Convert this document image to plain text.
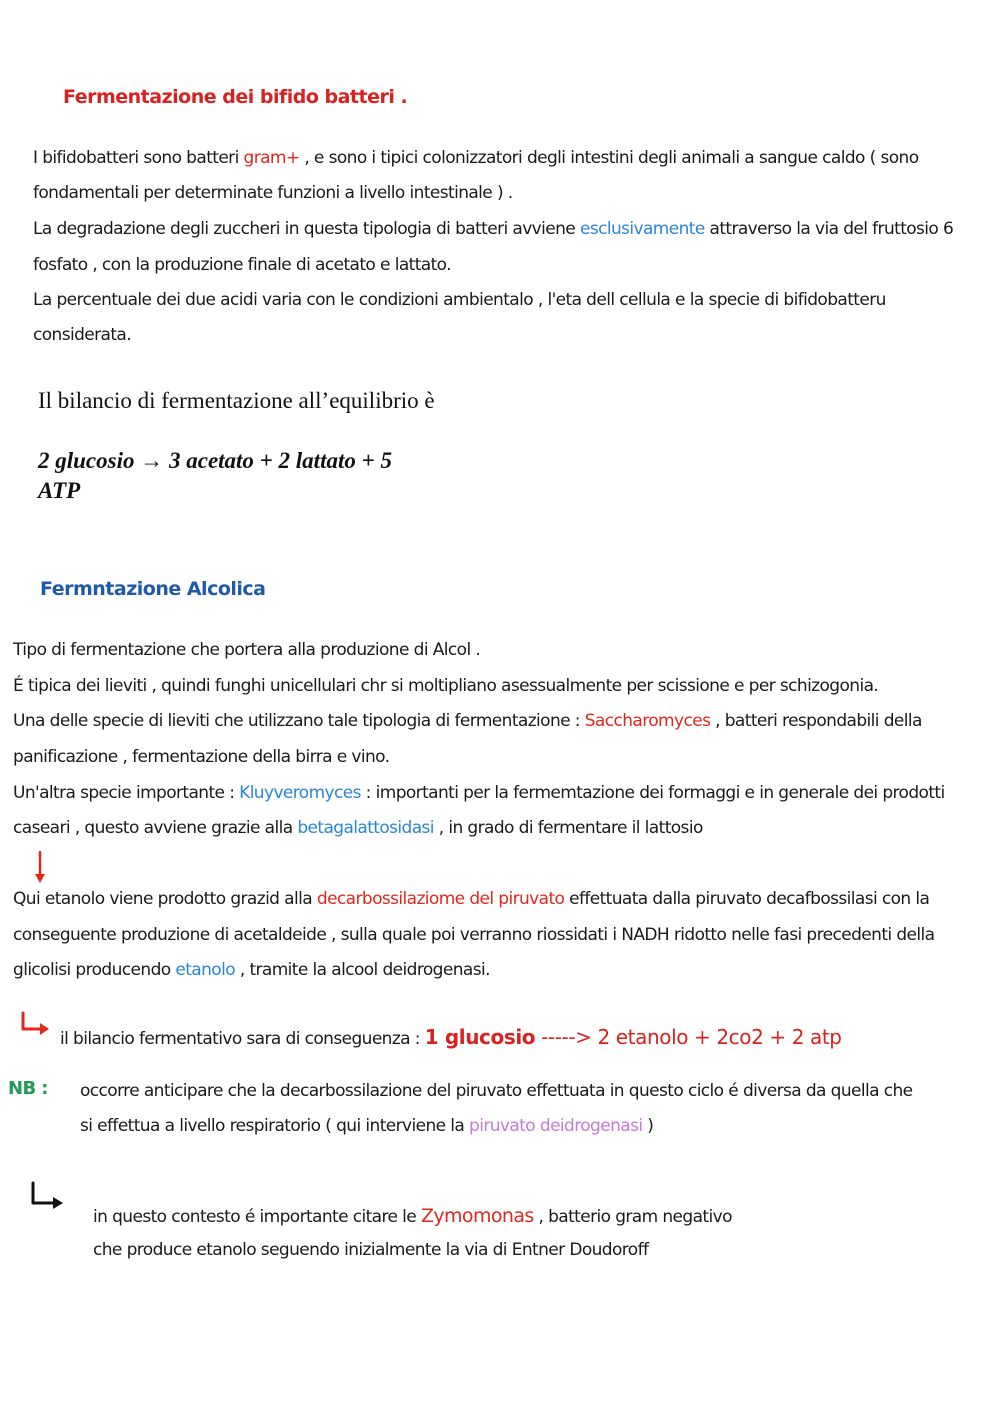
Fermentazione dei bifido batteri .
I bifidobatteri sono batteri gram+ , e sono i tipici colonizzatori degli intestini degli animali a sangue caldo ( sono
fondamentali per determinate funzioni a livello intestinale ) .
La degradazione degli zuccheri in questa tipologia di batteri avviene esclusivamente attraverso la via del fruttosio 6
fosfato , con la produzione finale di acetato e lattato.
La percentuale dei due acidi varia con le condizioni ambientalo , l'eta dell cellula e la specie di bifidobatteru
considerata.
Il bilancio di fermentazione all’equilibrio è
2 glucosio → 3 acetato + 2 lattato + 5
ATP
Fermntazione Alcolica
Tipo di fermentazione che portera alla produzione di Alcol .
É tipica dei lieviti , quindi funghi unicellulari chr si moltipliano asessualmente per scissione e per schizogonia.
Una delle specie di lieviti che utilizzano tale tipologia di fermentazione : Saccharomyces , batteri respondabili della
panificazione , fermentazione della birra e vino.
Un'altra specie importante : Kluyveromyces : importanti per la fermemtazione dei formaggi e in generale dei prodotti
caseari , questo avviene grazie alla betagalattosidasi , in grado di fermentare il lattosio
Qui etanolo viene prodotto grazid alla decarbossilaziome del piruvato effettuata dalla piruvato decafbossilasi con la
conseguente produzione di acetaldeide , sulla quale poi verranno riossidati i NADH ridotto nelle fasi precedenti della
glicolisi producendo etanolo , tramite la alcool deidrogenasi.
il bilancio fermentativo sara di conseguenza : 1 glucosio -----> 2 etanolo + 2co2 + 2 atp
NB : occorre anticipare che la decarbossilazione del piruvato effettuata in questo ciclo é diversa da quella che
si effettua a livello respiratorio ( qui interviene la piruvato deidrogenasi )
in questo contesto é importante citare le Zymomonas , batterio gram negativo
che produce etanolo seguendo inizialmente la via di Entner Doudoroff
